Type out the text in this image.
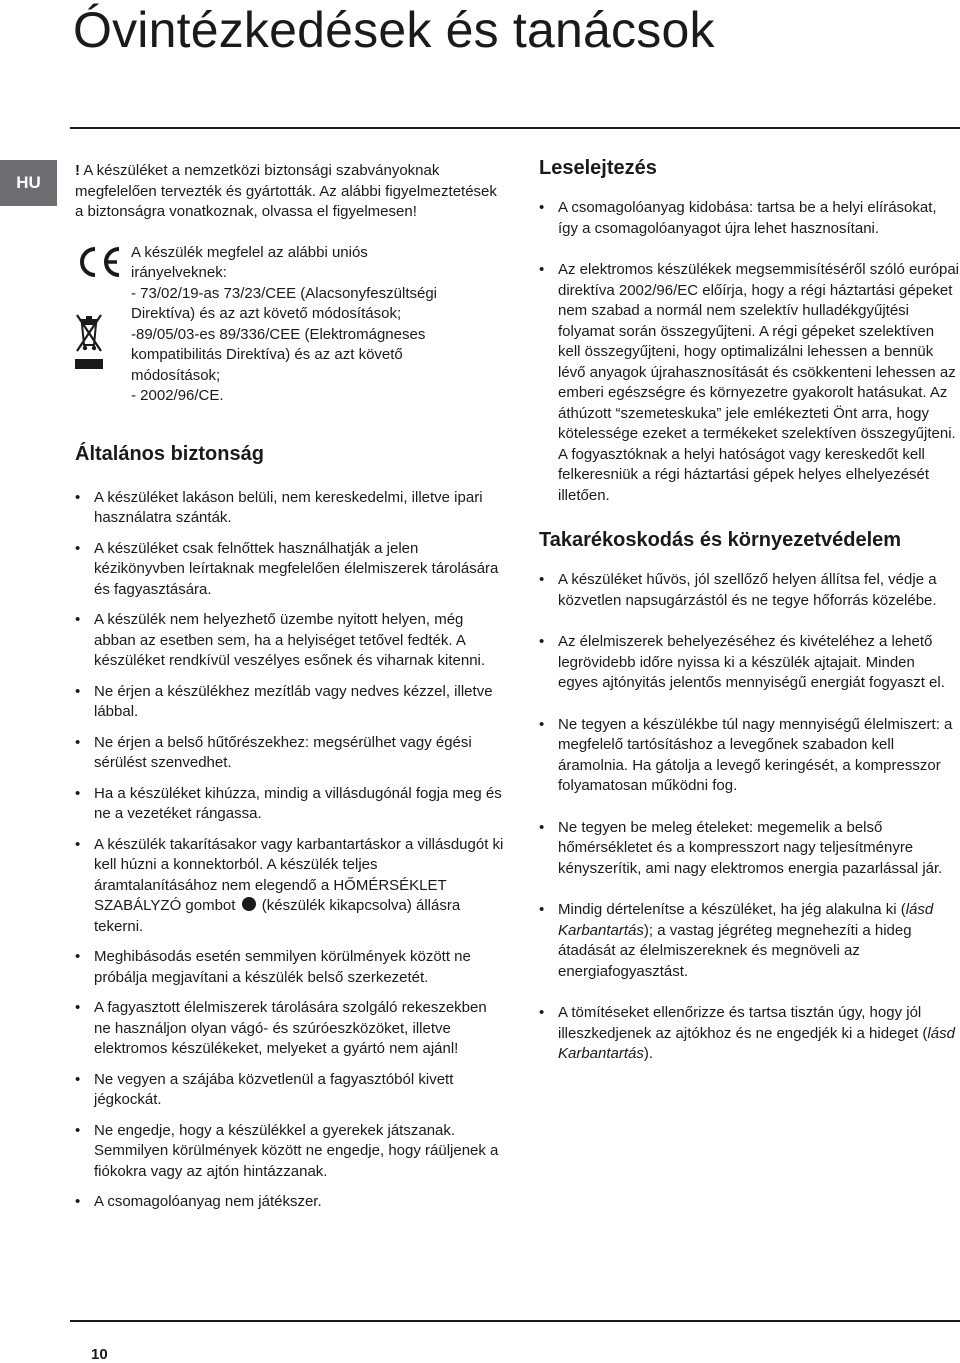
Óvintézkedések és tanácsok
HU

! A készüléket a nemzetközi biztonsági szabványoknak megfelelően tervezték és gyártották. Az alábbi figyelmeztetések a biztonságra vonatkoznak, olvassa el figyelmesen!

A készülék megfelel az alábbi uniós
irányelveknek:
- 73/02/19-as 73/23/CEE (Alacsonyfeszültségi
Direktíva) és az azt követő módosítások;
-89/05/03-es 89/336/CEE (Elektromágneses
kompatibilitás Direktíva) és az azt követő
módosítások;
- 2002/96/CE.
Általános biztonság
• A készüléket lakáson belüli, nem kereskedelmi, illetve ipari használatra szánták.
• A készüléket csak felnőttek használhatják a jelen kézikönyvben leírtaknak megfelelően élelmiszerek tárolására és fagyasztására.
• A készülék nem helyezhető üzembe nyitott helyen, még abban az esetben sem, ha a helyiséget tetővel fedték. A készüléket rendkívül veszélyes esőnek és viharnak kitenni.
• Ne érjen a készülékhez mezítláb vagy nedves kézzel, illetve lábbal.
• Ne érjen a belső hűtőrészekhez: megsérülhet vagy égési sérülést szenvedhet.
• Ha a készüléket kihúzza, mindig a villásdugónál fogja meg és ne a vezetéket rángassa.
• A készülék takarításakor vagy karbantartáskor a villásdugót ki kell húzni a konnektorból. A készülék teljes áramtalanításához nem elegendő a HŐMÉRSÉKLET SZABÁLYZÓ gombot  (készülék kikapcsolva) állásra tekerni.
• Meghibásodás esetén semmilyen körülmények között ne próbálja megjavítani a készülék belső szerkezetét.
• A fagyasztott élelmiszerek tárolására szolgáló rekeszekben ne használjon olyan vágó- és szúróeszközöket, illetve elektromos készülékeket, melyeket a gyártó nem ajánl!
• Ne vegyen a szájába közvetlenül a fagyasztóból kivett jégkockát.
• Ne engedje, hogy a készülékkel a gyerekek játszanak. Semmilyen körülmények között ne engedje, hogy ráüljenek a fiókokra vagy az ajtón hintázzanak.
• A csomagolóanyag nem játékszer.
Leselejtezés
• A csomagolóanyag kidobása: tartsa be a helyi elírásokat, így a csomagolóanyagot újra lehet hasznosítani.
• Az elektromos készülékek megsemmisítéséről szóló európai direktíva 2002/96/EC előírja, hogy a régi háztartási gépeket nem szabad a normál nem szelektív hulladékgyűjtési folyamat során összegyűjteni. A régi gépeket szelektíven kell összegyűjteni, hogy optimalizálni lehessen a bennük lévő anyagok újrahasznosítását és csökkenteni lehessen az emberi egészségre és környezetre gyakorolt hatásukat. Az áthúzott “szemeteskuka” jele emlékezteti Önt arra, hogy kötelessége ezeket a termékeket szelektíven összegyűjteni. A fogyasztóknak a helyi hatóságot vagy kereskedőt kell felkeresniük a régi háztartási gépek helyes elhelyezését illetően.
Takarékoskodás és környezetvédelem
• A készüléket hűvös, jól szellőző helyen állítsa fel, védje a közvetlen napsugárzástól és ne tegye hőforrás közelébe.
• Az élelmiszerek behelyezéséhez és kivételéhez a lehető legrövidebb időre nyissa ki a készülék ajtajait. Minden egyes ajtónyitás jelentős mennyiségű energiát fogyaszt el.
• Ne tegyen a készülékbe túl nagy mennyiségű élelmiszert: a megfelelő tartósításhoz a levegőnek szabadon kell áramolnia. Ha gátolja a levegő keringését, a kompresszor folyamatosan működni fog.
• Ne tegyen be meleg ételeket: megemelik a belső hőmérsékletet és a kompresszort nagy teljesítményre kényszerítik, ami nagy elektromos energia pazarlással jár.
• Mindig dértelenítse a készüléket, ha jég alakulna ki (lásd Karbantartás); a vastag jégréteg megnehezíti a hideg átadását az élelmiszereknek és megnöveli az energiafogyasztást.
• A tömítéseket ellenőrizze és tartsa tisztán úgy, hogy jól illeszkedjenek az ajtókhoz és ne engedjék ki a hideget (lásd Karbantartás).
10
